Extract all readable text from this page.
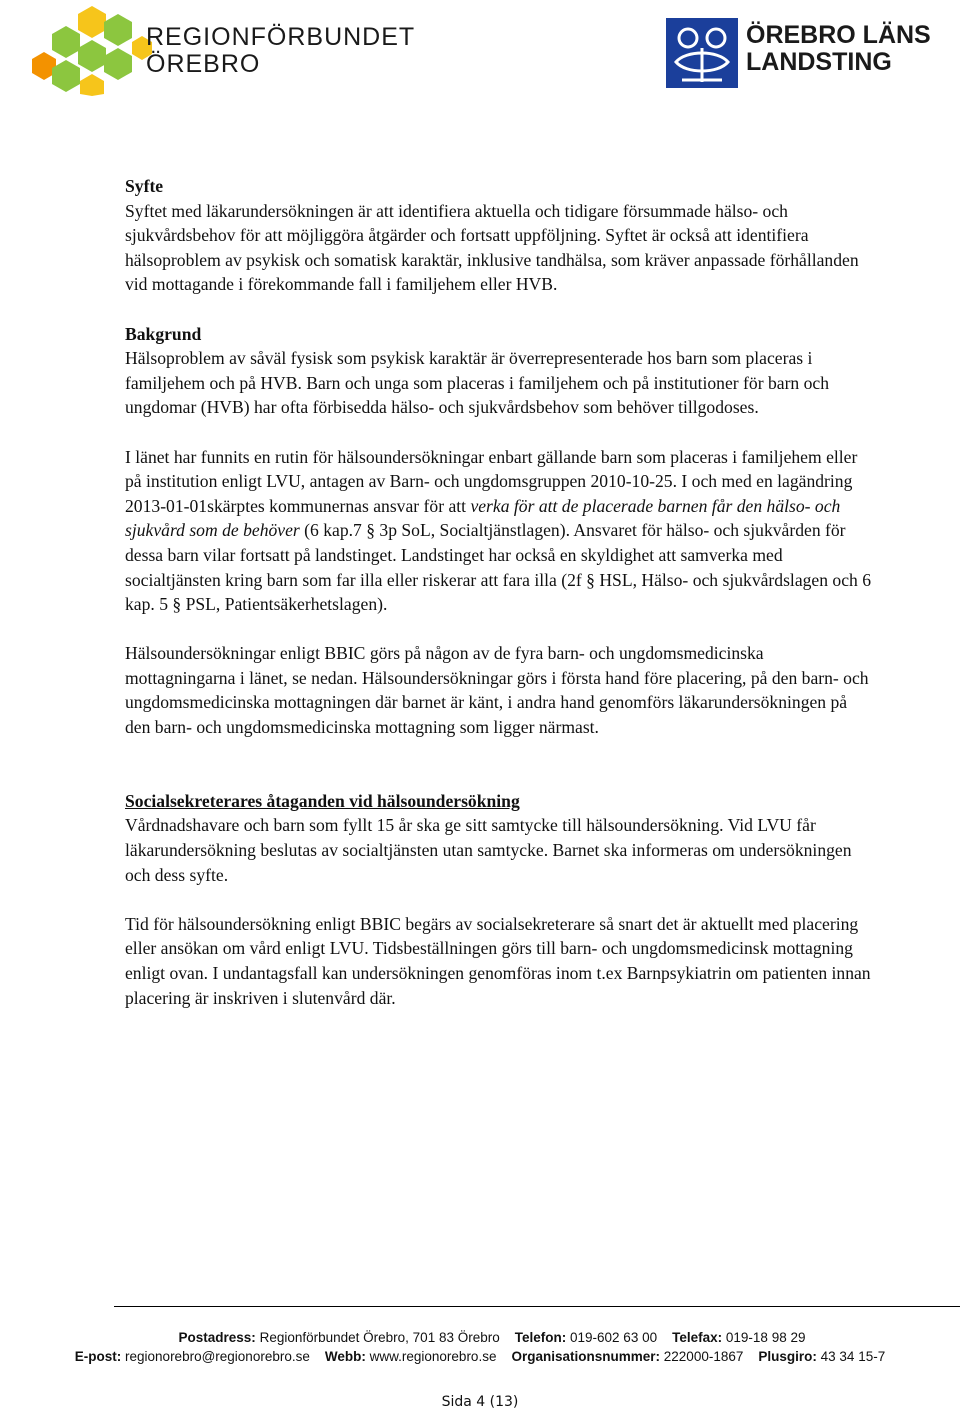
REGIONFÖRBUNDET
ÖREBRO
ÖREBRO LÄNS
LANDSTING
Syfte
Syftet med läkarundersökningen är att identifiera aktuella och tidigare försummade hälso- och sjukvårdsbehov för att möjliggöra åtgärder och fortsatt uppföljning. Syftet är också att identifiera hälsoproblem av psykisk och somatisk karaktär, inklusive tandhälsa, som kräver anpassade förhållanden vid mottagande i förekommande fall i familjehem eller HVB.
Bakgrund

Hälsoproblem av såväl fysisk som psykisk karaktär är överrepresenterade hos barn som placeras i familjehem och på HVB. Barn och unga som placeras i familjehem och på institutioner för barn och ungdomar (HVB) har ofta förbisedda hälso- och sjukvårdsbehov som behöver tillgodoses.

I länet har funnits en rutin för hälsoundersökningar enbart gällande barn som placeras i familjehem eller på institution enligt LVU, antagen av Barn- och ungdomsgruppen 2010-10-25. I och med en lagändring 2013-01-01skärptes kommunernas ansvar för att verka för att de placerade barnen får den hälso- och sjukvård som de behöver (6 kap.7 § 3p SoL, Socialtjänstlagen). Ansvaret för hälso- och sjukvården för dessa barn vilar fortsatt på landstinget. Landstinget har också en skyldighet att samverka med socialtjänsten kring barn som far illa eller riskerar att fara illa (2f § HSL, Hälso- och sjukvårdslagen och 6 kap. 5 § PSL, Patientsäkerhetslagen).

Hälsoundersökningar enligt BBIC görs på någon av de fyra barn- och ungdomsmedicinska mottagningarna i länet, se nedan. Hälsoundersökningar görs i första hand före placering, på den barn- och ungdomsmedicinska mottagningen där barnet är känt, i andra hand genomförs läkarundersökningen på den barn- och ungdomsmedicinska mottagning som ligger närmast.

Socialsekreterares åtaganden vid hälsoundersökning

Vårdnadshavare och barn som fyllt 15 år ska ge sitt samtycke till hälsoundersökning. Vid LVU får läkarundersökning beslutas av socialtjänsten utan samtycke. Barnet ska informeras om undersökningen och dess syfte.

Tid för hälsoundersökning enligt BBIC begärs av socialsekreterare så snart det är aktuellt med placering eller ansökan om vård enligt LVU. Tidsbeställningen görs till barn- och ungdomsmedicinsk mottagning enligt ovan. I undantagsfall kan undersökningen genomföras inom t.ex Barnpsykiatrin om patienten innan placering är inskriven i slutenvård där.

Postadress: Regionförbundet Örebro, 701 83 Örebro Telefon: 019-602 63 00 Telefax: 019-18 98 29
E-post: regionorebro@regionorebro.se Webb: www.regionorebro.se Organisationsnummer: 222000-1867 Plusgiro: 43 34 15-7
Sida 4 (13)
